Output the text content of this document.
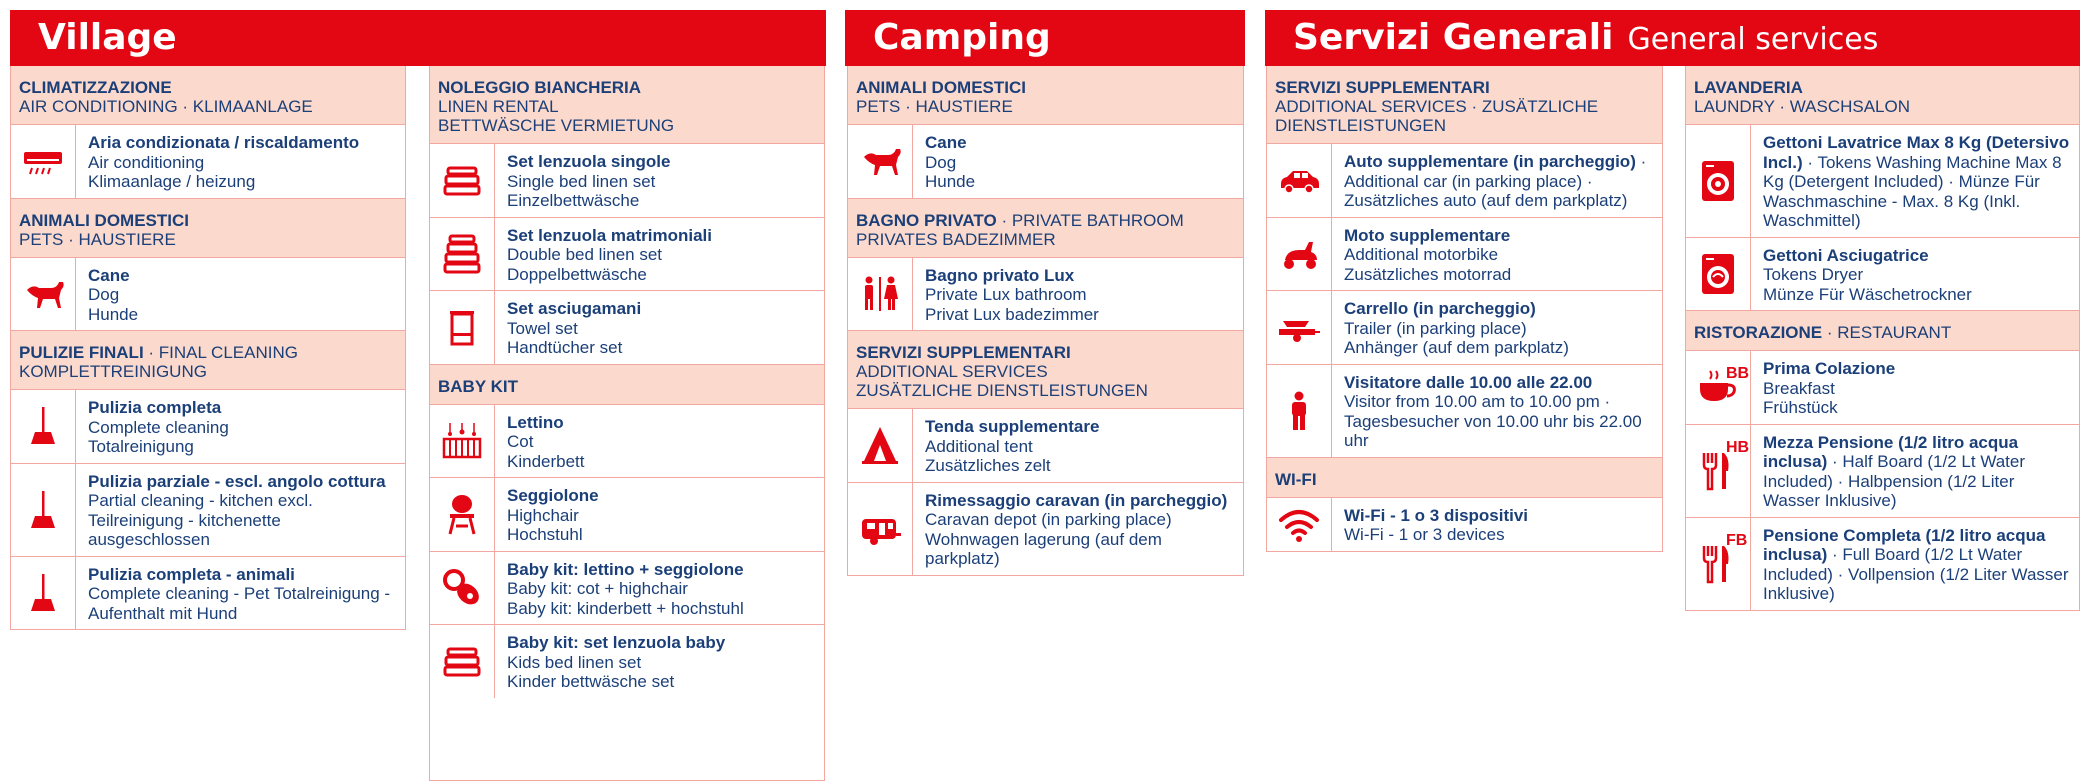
Village	Camping	Servizi Generali General services
CLIMATIZZAZIONE
AIR CONDITIONING · KLIMAANLAGE
Aria condizionata / riscaldamento
Air conditioning
Klimaanlage / heizung
ANIMALI DOMESTICI
PETS · HAUSTIERE
Cane
Dog
Hunde
PULIZIE FINALI · FINAL CLEANING KOMPLETTREINIGUNG
Pulizia completa
Complete cleaning
Totalreinigung
Pulizia parziale - escl. angolo cottura Partial cleaning - kitchen excl. Teilreinigung - kitchenette ausgeschlossen
Pulizia completa - animali
Complete cleaning - Pet Totalreinigung - Aufenthalt mit Hund
NOLEGGIO BIANCHERIA
LINEN RENTAL
BETTWÄSCHE VERMIETUNG
Set lenzuola singole
Single bed linen set
Einzelbettwäsche
Set lenzuola matrimoniali
Double bed linen set
Doppelbettwäsche
Set asciugamani
Towel set
Handtücher set
BABY KIT
Lettino
Cot
Kinderbett
Seggiolone
Highchair
Hochstuhl
Baby kit: lettino + seggiolone
Baby kit: cot + highchair
Baby kit: kinderbett + hochstuhl
Baby kit: set lenzuola baby
Kids bed linen set
Kinder bettwäsche set
ANIMALI DOMESTICI
PETS · HAUSTIERE
Cane
Dog
Hunde
BAGNO PRIVATO · PRIVATE BATHROOM PRIVATES BADEZIMMER
Bagno privato Lux
Private Lux bathroom
Privat Lux badezimmer
SERVIZI SUPPLEMENTARI
ADDITIONAL SERVICES
ZUSÄTZLICHE DIENSTLEISTUNGEN
Tenda supplementare
Additional tent
Zusätzliches zelt
Rimessaggio caravan (in parcheggio)
Caravan depot (in parking place)
Wohnwagen lagerung (auf dem parkplatz)
SERVIZI SUPPLEMENTARI
ADDITIONAL SERVICES · ZUSÄTZLICHE DIENSTLEISTUNGEN
Auto supplementare (in parcheggio) · Additional car (in parking place) · Zusätzliches auto (auf dem parkplatz)
Moto supplementare
Additional motorbike
Zusätzliches motorrad
Carrello (in parcheggio)
Trailer (in parking place)
Anhänger (auf dem parkplatz)
Visitatore dalle 10.00 alle 22.00
Visitor from 10.00 am to 10.00 pm · Tagesbesucher von 10.00 uhr bis 22.00 uhr
WI-FI
Wi-Fi - 1 o 3 dispositivi
Wi-Fi - 1 or 3 devices
LAVANDERIA
LAUNDRY · WASCHSALON
Gettoni Lavatrice Max 8 Kg (Detersivo Incl.) · Tokens Washing Machine Max 8 Kg (Detergent Included) · Münze Für Waschmaschine - Max. 8 Kg (Inkl. Waschmittel)
Gettoni Asciugatrice
Tokens Dryer
Münze Für Wäschetrockner
RISTORAZIONE · RESTAURANT
BB Prima Colazione
Breakfast
Frühstück
HB Mezza Pensione (1/2 litro acqua inclusa) · Half Board (1/2 Lt Water Included) · Halbpension (1/2 Liter Wasser Inklusive)
FB Pensione Completa (1/2 litro acqua inclusa) · Full Board (1/2 Lt Water Included) · Vollpension (1/2 Liter Wasser Inklusive)
